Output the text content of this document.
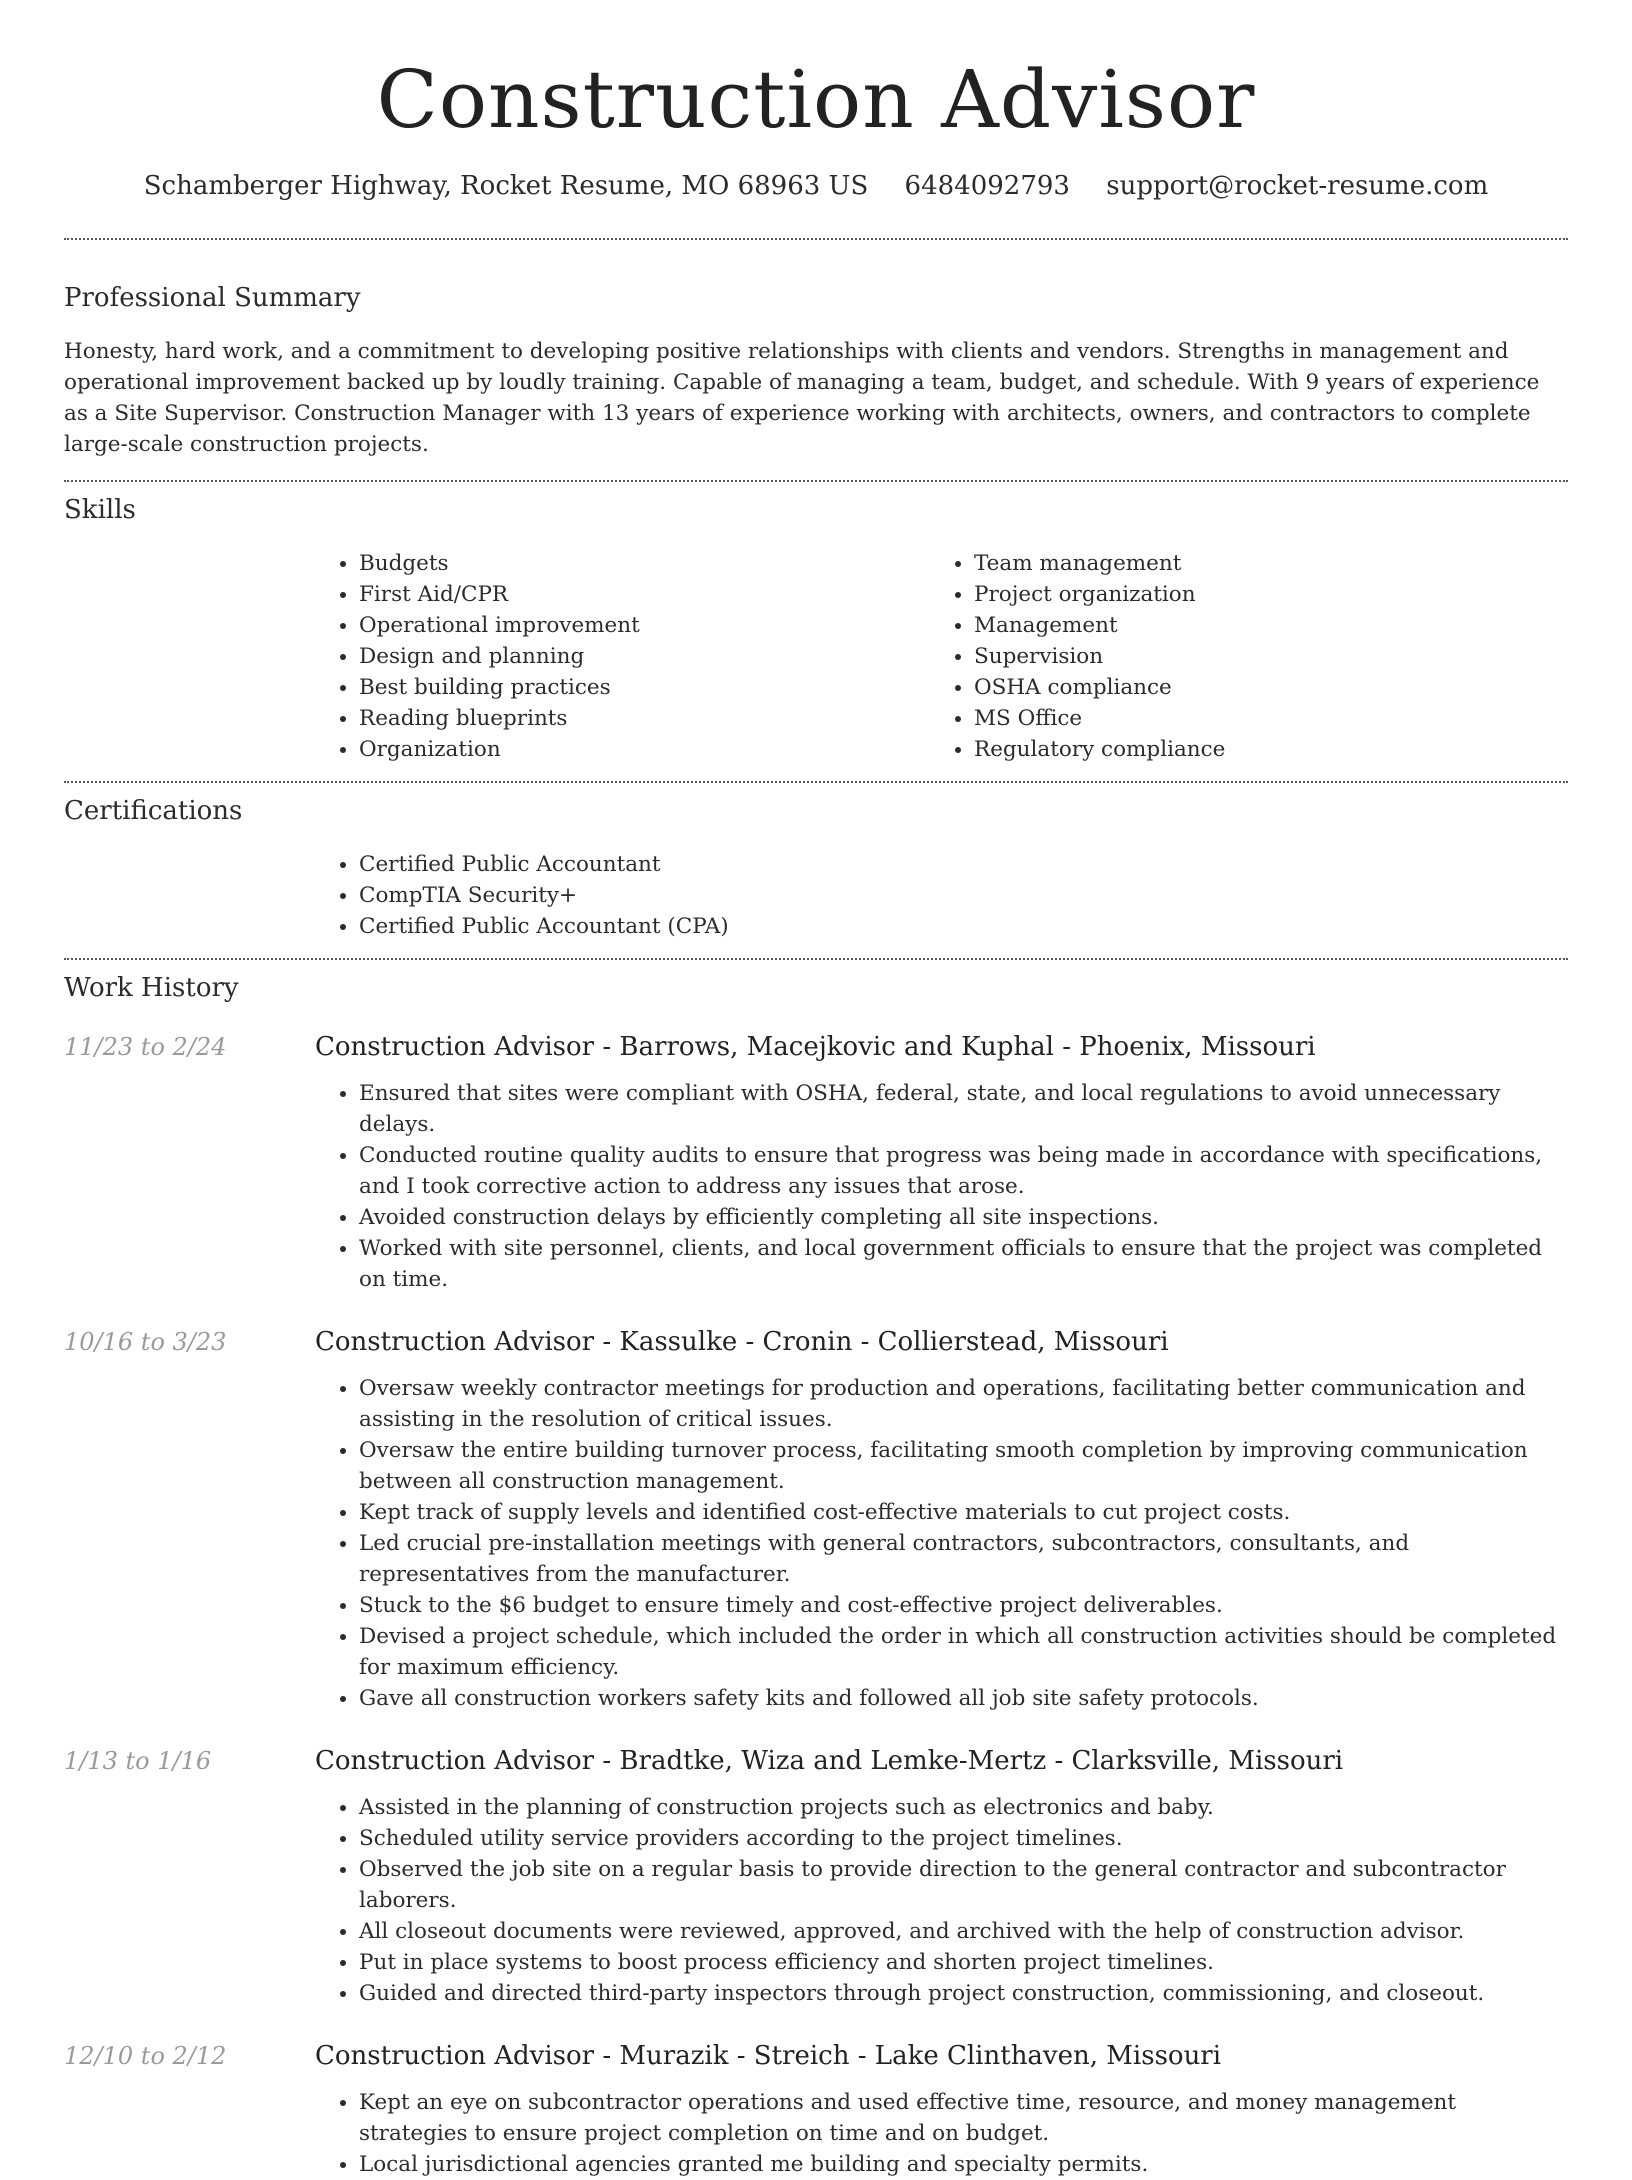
Construction Advisor
Schamberger Highway, Rocket Resume, MO 68963 US 6484092793 support@rocket-resume.com
Professional Summary

Honesty, hard work, and a commitment to developing positive relationships with clients and vendors. Strengths in management and operational improvement backed up by loudly training. Capable of managing a team, budget, and schedule. With 9 years of experience as a Site Supervisor. Construction Manager with 13 years of experience working with architects, owners, and contractors to complete large-scale construction projects.

Skills
• Budgets
• First Aid/CPR
• Operational improvement
• Design and planning
• Best building practices
• Reading blueprints
• Organization
• Team management
• Project organization
• Management
• Supervision
• OSHA compliance
• MS Office
• Regulatory compliance
Certifications
• Certified Public Accountant
• CompTIA Security+
• Certified Public Accountant (CPA)
Work History
11/23 to 2/24	Construction Advisor - Barrows, Macejkovic and Kuphal - Phoenix, Missouri
• Ensured that sites were compliant with OSHA, federal, state, and local regulations to avoid unnecessary delays.
• Conducted routine quality audits to ensure that progress was being made in accordance with specifications, and I took corrective action to address any issues that arose.
• Avoided construction delays by efficiently completing all site inspections.
• Worked with site personnel, clients, and local government officials to ensure that the project was completed on time.
10/16 to 3/23	Construction Advisor - Kassulke - Cronin - Collierstead, Missouri
• Oversaw weekly contractor meetings for production and operations, facilitating better communication and assisting in the resolution of critical issues.
• Oversaw the entire building turnover process, facilitating smooth completion by improving communication between all construction management.
• Kept track of supply levels and identified cost-effective materials to cut project costs.
• Led crucial pre-installation meetings with general contractors, subcontractors, consultants, and representatives from the manufacturer.
• Stuck to the $6 budget to ensure timely and cost-effective project deliverables.
• Devised a project schedule, which included the order in which all construction activities should be completed for maximum efficiency.
• Gave all construction workers safety kits and followed all job site safety protocols.
1/13 to 1/16	Construction Advisor - Bradtke, Wiza and Lemke-Mertz - Clarksville, Missouri
• Assisted in the planning of construction projects such as electronics and baby.
• Scheduled utility service providers according to the project timelines.
• Observed the job site on a regular basis to provide direction to the general contractor and subcontractor laborers.
• All closeout documents were reviewed, approved, and archived with the help of construction advisor.
• Put in place systems to boost process efficiency and shorten project timelines.
• Guided and directed third-party inspectors through project construction, commissioning, and closeout.
12/10 to 2/12	Construction Advisor - Murazik - Streich - Lake Clinthaven, Missouri
• Kept an eye on subcontractor operations and used effective time, resource, and money management strategies to ensure project completion on time and on budget.
• Local jurisdictional agencies granted me building and specialty permits.
